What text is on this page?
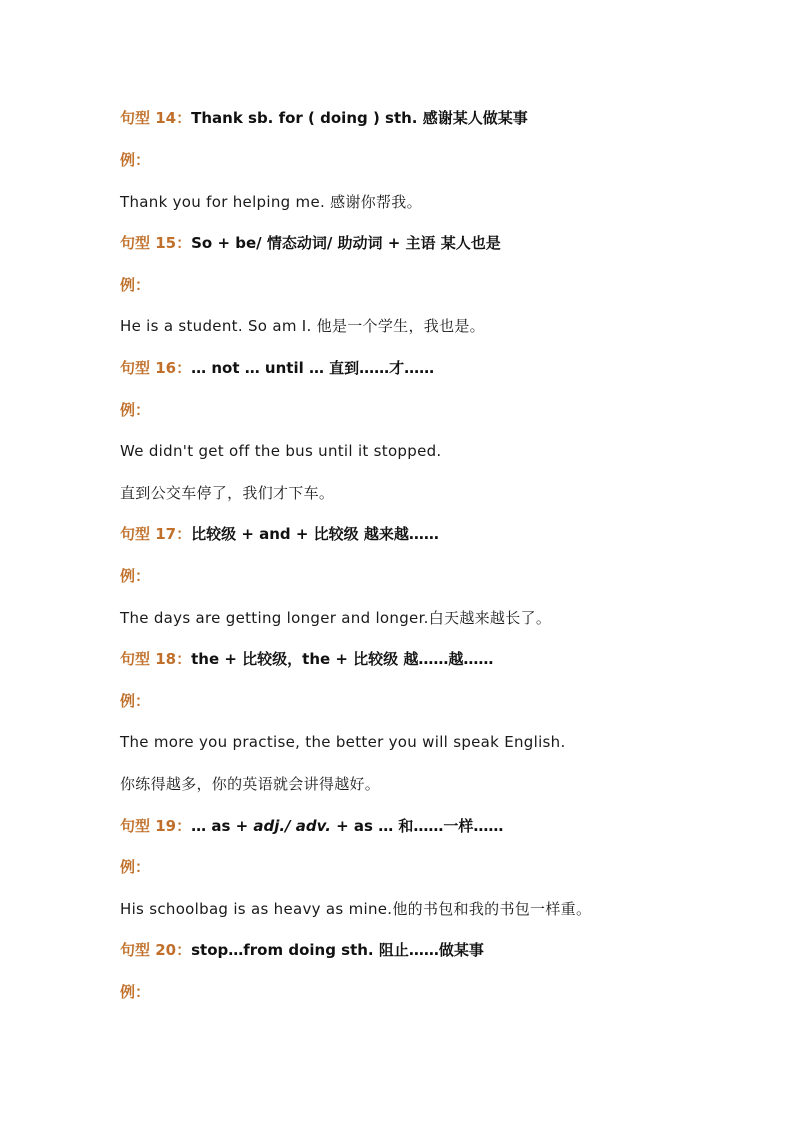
句型 14：Thank sb. for ( doing ) sth. 感谢某人做某事
例：
Thank you for helping me. 感谢你帮我。
句型 15：So + be/ 情态动词/ 助动词 + 主语 某人也是
例：
He is a student. So am I. 他是一个学生，我也是。
句型 16：… not … until … 直到……才……
例：
We didn't get off the bus until it stopped.
直到公交车停了，我们才下车。
句型 17：比较级 + and + 比较级 越来越……
例：
The days are getting longer and longer.白天越来越长了。
句型 18：the + 比较级，the + 比较级 越……越……
例：
The more you practise, the better you will speak English.
你练得越多，你的英语就会讲得越好。
句型 19：… as + adj./ adv. + as … 和……一样……
例：
His schoolbag is as heavy as mine.他的书包和我的书包一样重。
句型 20：stop…from doing sth. 阻止……做某事
例：
